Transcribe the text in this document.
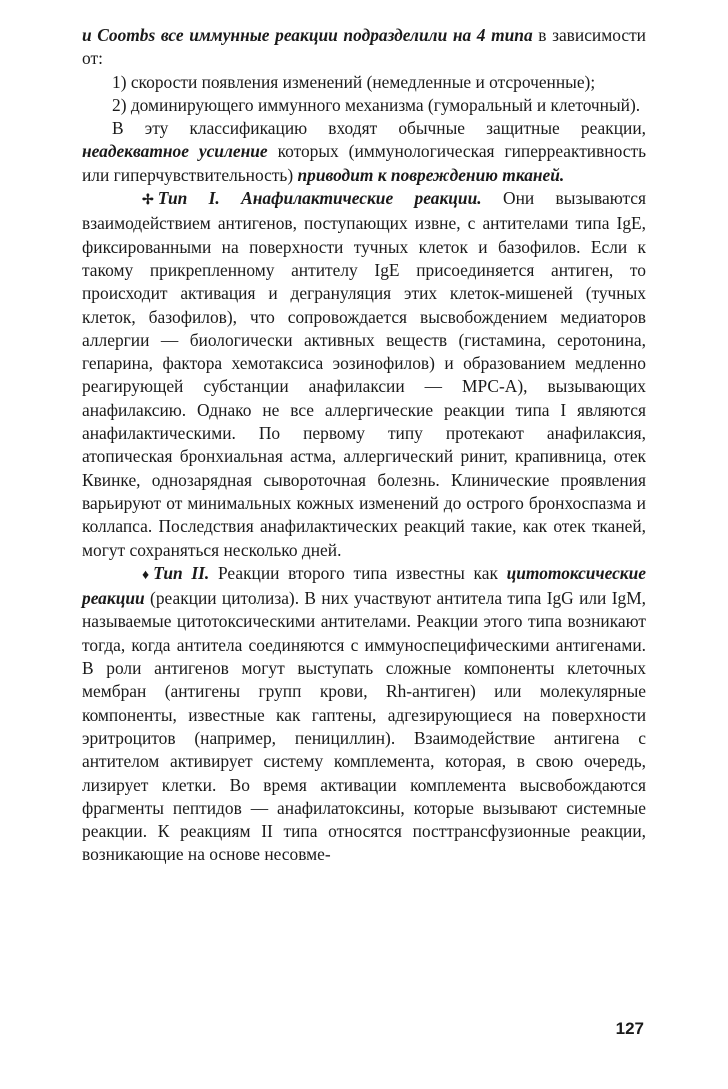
и Coombs все иммунные реакции подразделили на 4 типа в зависимости от:

1) скорости появления изменений (немедленные и отсроченные);

2) доминирующего иммунного механизма (гуморальный и клеточный).

В эту классификацию входят обычные защитные реакции, неадекватное усиление которых (иммунологическая гиперреактивность или гиперчувствительность) приводит к повреждению тканей.

✢ Тип I. Анафилактические реакции. Они вызываются взаимодействием антигенов, поступающих извне, с антителами типа IgE, фиксированными на поверхности тучных клеток и базофилов. Если к такому прикрепленному антителу IgE присоединяется антиген, то происходит активация и дегрануляция этих клеток-мишеней (тучных клеток, базофилов), что сопровождается высвобождением медиаторов аллергии — биологически активных веществ (гистамина, серотонина, гепарина, фактора хемотаксиса эозинофилов) и образованием медленно реагирующей субстанции анафилаксии — МРС-А), вызывающих анафилаксию. Однако не все аллергические реакции типа I являются анафилактическими. По первому типу протекают анафилаксия, атопическая бронхиальная астма, аллергический ринит, крапивница, отек Квинке, однозарядная сывороточная болезнь. Клинические проявления варьируют от минимальных кожных изменений до острого бронхоспазма и коллапса. Последствия анафилактических реакций такие, как отек тканей, могут сохраняться несколько дней.

♦ Тип II. Реакции второго типа известны как цитотоксические реакции (реакции цитолиза). В них участвуют антитела типа IgG или IgM, называемые цитотоксическими антителами. Реакции этого типа возникают тогда, когда антитела соединяются с иммуноспецифическими антигенами. В роли антигенов могут выступать сложные компоненты клеточных мембран (антигены групп крови, Rh-антиген) или молекулярные компоненты, известные как гаптены, адгезирующиеся на поверхности эритроцитов (например, пенициллин). Взаимодействие антигена с антителом активирует систему комплемента, которая, в свою очередь, лизирует клетки. Во время активации комплемента высвобождаются фрагменты пептидов — анафилатоксины, которые вызывают системные реакции. К реакциям II типа относятся посттрансфузионные реакции, возникающие на основе несовме-

127
